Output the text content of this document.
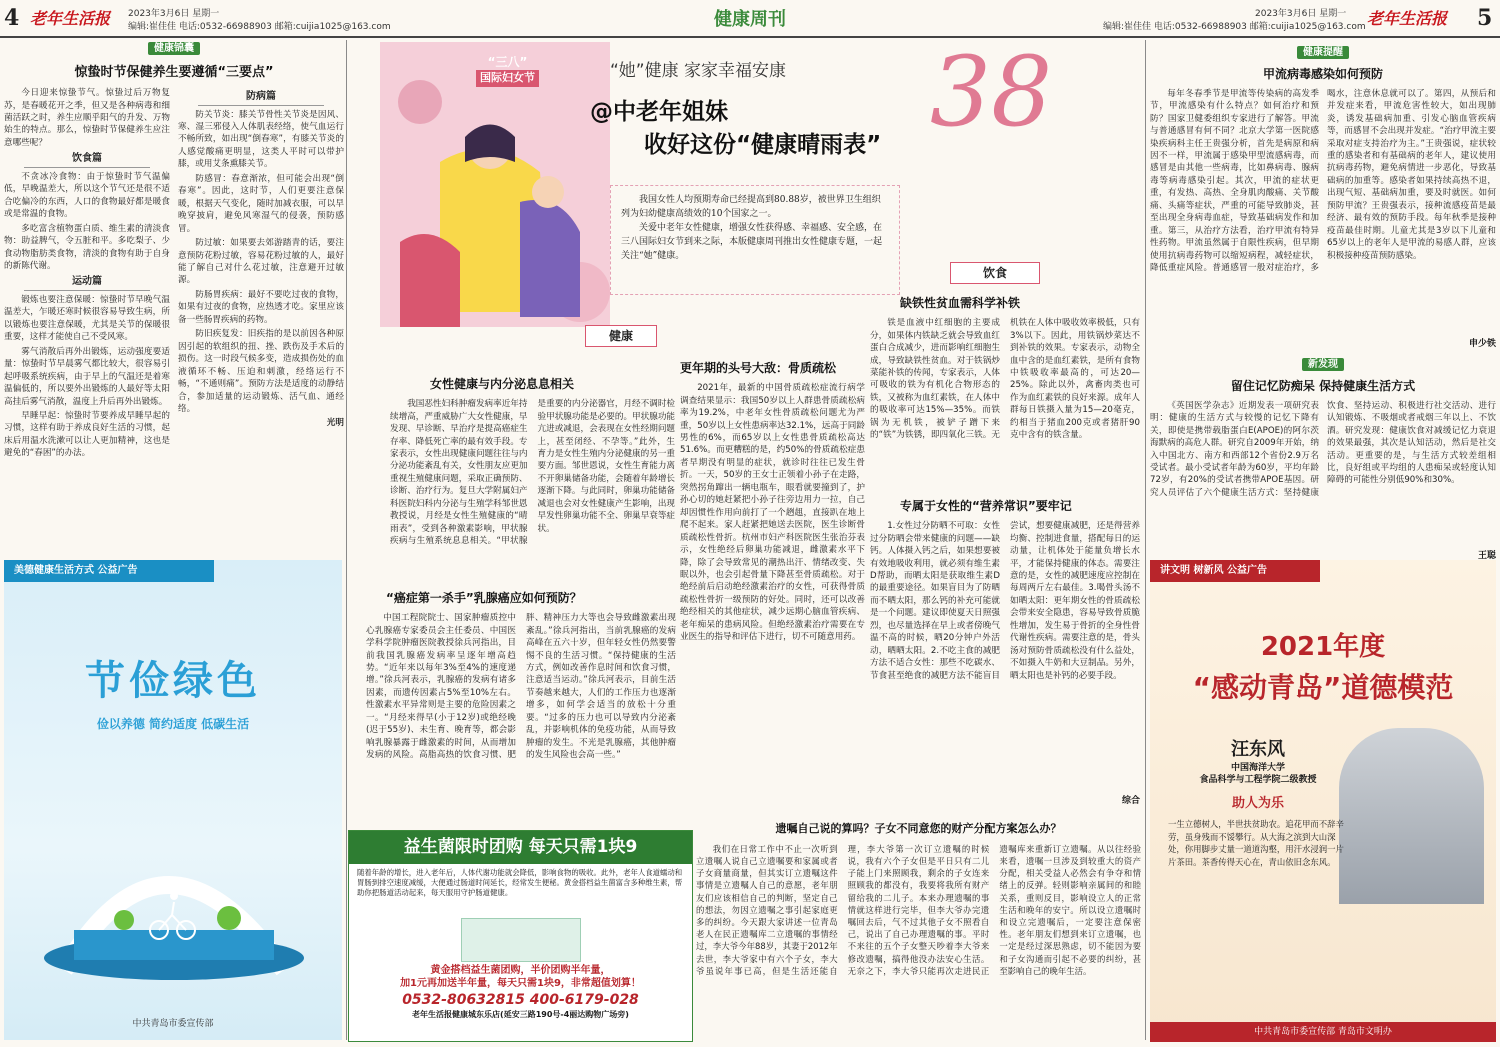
4 老年生活报 2023年3月6日 星期一
编辑:崔佳佳 电话:0532-66988903 邮箱:cuijia1025@163.com	健康周刊	2023年3月6日 星期一
编辑:崔佳佳 电话:0532-66988903 邮箱:cuijia1025@163.com 老年生活报 5
健康锦囊
惊蛰时节保健养生要遵循“三要点”

今日迎来惊蛰节气。惊蛰过后万物复苏，是春暖花开之季，但又是各种病毒和细菌活跃之时，养生应顺乎阳气的升发、万物始生的特点。那么，惊蛰时节保健养生应注意哪些呢？

饮食篇

不贪冰冷食物：由于惊蛰时节气温偏低，早晚温差大，所以这个节气还是很不适合吃偏冷的东西，人口的食物最好都是暖食或是常温的食物。

多吃富含植物蛋白质、维生素的清淡食物：助益脾气，令五脏和平。多吃梨子、少食动物脂肪类食物，清淡的食物有助于自身的新陈代谢。

运动篇

锻炼也要注意保暖：惊蛰时节早晚气温温差大，乍暖还寒时候很容易导致生病，所以锻炼也要注意保暖，尤其是关节的保暖很重要，这样才能使自己不受风寒。

雾气消散后再外出锻炼，运动强度要适量：惊蛰时节早晨雾气都比较大，很容易引起呼吸系统疾病，由于早上的气温还是着寒温偏低的，所以要外出锻炼的人最好等太阳高挂后雾气消散，温度上升后再外出锻炼。

早睡早起：惊蛰时节要养成早睡早起的习惯，这样有助于养成良好生活的习惯，起床后用温水洗漱可以让人更加精神，这也是避免的“春困”的办法。

防病篇

防关节炎：膝关节骨性关节炎是因风、寒、湿三邪侵入人体肌表经络，使气血运行不畅所致，如出现“倒春寒”，有膝关节炎的人感觉酸痛更明显，这类人平时可以带护膝，或用艾条熏膝关节。

防感冒：春意渐浓，但可能会出现“倒春寒”。因此，这时节，人们更要注意保暖，根据天气变化，随时加减衣服，可以早晚穿披肩，避免风寒湿气的侵袭，预防感冒。

防过敏：如果要去郊游踏青的话，要注意预防花粉过敏，容易花粉过敏的人，最好能了解自己对什么花过敏，注意避开过敏源。

防肠胃疾病：最好不要吃过夜的食物，如果有过夜的食物，应热透才吃。家里应该备一些肠胃疾病的药物。

防旧疾复发：旧疾指的是以前因各种原因引起的软组织的扭、挫、跌伤及手术后的损伤。这一时段气候多变，造成损伤处的血液循环不畅、压迫和刺激，经络运行不畅，“不通则痛”。预防方法是适度的动静结合，参加适量的运动锻炼、活气血、通经络。

光明
美德健康生活方式 公益广告
节俭绿色
俭以养德 简约适度 低碳生活
中共青岛市委宣传部
“三八”
国际妇女节	“她”健康 家家幸福安康
@中老年姐妹
收好这份“健康晴雨表” 38

我国女性人均预期寿命已经提高到80.88岁，被世界卫生组织列为妇幼健康高绩效的10个国家之一。

关爱中老年女性健康，增强女性获得感、幸福感、安全感，在三八国际妇女节到来之际，本版健康周刊推出女性健康专题，一起关注“她”健康。

健康
饮食
女性健康与内分泌息息相关

我国恶性妇科肿瘤发病率近年持续增高，严重威胁广大女性健康，早发现、早诊断、早治疗是提高癌症生存率、降低死亡率的最有效手段。专家表示，女性出现健康问题往往与内分泌功能紊乱有关，女性朋友应更加重视生殖健康问题，采取正确预防、诊断、治疗行为。复旦大学附属妇产科医院妇科内分泌与生殖学科邹世恩教授说，月经是女性生殖健康的“晴雨表”，受到各种激素影响，甲状腺疾病与生殖系统息息相关。“甲状腺是重要的内分泌器官，月经不调时检验甲状腺功能是必要的。甲状腺功能亢进或减退，会表现在女性经期问题上，甚至闭经、不孕等。”此外，生育力是女性生殖内分泌健康的另一重要方面。邹世恩说，女性生育能力离不开卵巢储备功能，会随着年龄增长逐渐下降。与此同时，卵巢功能储备减退也会对女性健康产生影响，出现早发性卵巢功能不全、卵巢早衰等症状。

更年期的头号大敌：骨质疏松

2021年，最新的中国骨质疏松症流行病学调查结果显示：我国50岁以上人群患骨质疏松病率为19.2%，中老年女性骨质疏松问题尤为严重，50岁以上女性患病率达32.1%，远高于同龄男性的6%，而65岁以上女性患骨质疏松高达51.6%。而更糟糕的是，约50%的骨质疏松症患者早期没有明显的症状，就诊时往往已发生骨折。一天，50岁的王女士正领着小孙子在走路，突然拐角蹿出一辆电瓶车，眼看就要撞到了，护孙心切的她赶紧把小孙子往旁边用力一拉，自己却因惯性作用向前打了一个趔趄，直接趴在地上爬不起来。家人赶紧把她送去医院，医生诊断骨质疏松性骨折。杭州市妇产科医院医生张治芬表示，女性绝经后卵巢功能减退，雌激素水平下降，除了会导致常见的潮热出汗、情绪改变、失眠以外，也会引起骨量下降甚至骨质疏松。对于绝经前后启动绝经激素治疗的女性，可获得骨质疏松性骨折一级预防的好处。同时，还可以改善绝经相关的其他症状，减少远期心脑血管疾病、老年痴呆的患病风险。但绝经激素治疗需要在专业医生的指导和评估下进行，切不可随意用药。

“癌症第一杀手”乳腺癌应如何预防？

中国工程院院士、国家肿瘤质控中心乳腺癌专家委员会主任委员、中国医学科学院肿瘤医院教授徐兵河指出，目前我国乳腺癌发病率呈逐年增高趋势。“近年来以每年3%至4%的速度递增。”徐兵河表示，乳腺癌的发病有诸多因素，而遗传因素占5%至10%左右。性激素水平异常则是主要的危险因素之一。“月经来得早(小于12岁)或绝经晚(迟于55岁)、未生育、晚育等，都会影响乳腺暴露于雌激素的时间，从而增加发病的风险。高脂高热的饮食习惯、肥胖、精神压力大等也会导致雌激素出现紊乱。”徐兵河指出，当前乳腺癌的发病高峰在五六十岁，但年轻女性仍然要警惕不良的生活习惯。“保持健康的生活方式，例如改善作息时间和饮食习惯，注意适当运动。”徐兵河表示，目前生活节奏越来越大，人们的工作压力也逐渐增多，如何学会适当的放松十分重要。“过多的压力也可以导致内分泌紊乱，并影响机体的免疫功能，从而导致肿瘤的发生。不光是乳腺癌，其他肿瘤的发生风险也会高一些。”

缺铁性贫血需科学补铁

铁是血液中红细胞的主要成分，如果体内铁缺乏就会导致血红蛋白合成减少，进而影响红细胞生成，导致缺铁性贫血。对于铁锅炒菜能补铁的传闻，专家表示，人体可吸收的铁为有机化合物形态的铁，又被称为血红素铁，在人体中的吸收率可达15%—35%。而铁锅为无机铁，被铲子蹭下来的“铁”为铁锈，即四氧化三铁。无机铁在人体中吸收效率极低，只有3%以下。因此，用铁锅炒菜达不到补铁的效果。专家表示，动物全血中含的是血红素铁，是所有食物中铁吸收率最高的，可达20—25%。除此以外，禽畜肉类也可作为血红素铁的良好来源。成年人群每日铁摄入量为15—20毫克，约相当于猪血200克或者猪肝90克中含有的铁含量。

专属于女性的“营养常识”要牢记

1.女性过分防晒不可取：女性过分防晒会带来健康的问题——缺钙。人体摄入钙之后，如果想要被有效地吸收利用，就必须有维生素D帮助，而晒太阳是获取维生素D的最重要途径。如果盲目为了防晒而不晒太阳，那么钙的补充可能就是一个问题。建议即使夏天日照强烈，也尽量选择在早上或者傍晚气温不高的时候，晒20分钟户外活动，晒晒太阳。2.不吃主食的减肥方法不适合女性：那些不吃碳水、节食甚至绝食的减肥方法不能盲目尝试，想要健康减肥，还是得营养均衡、控制进食量，搭配每日的运动量，让机体处于能量负增长水平，才能保持健康的体态。需要注意的是，女性的减肥速度应控制在每周两斤左右最佳。3.喝骨头汤不如晒太阳：更年期女性的骨质疏松会带来安全隐患，容易导致骨质脆性增加，发生易于骨折的全身性骨代谢性疾病。需要注意的是，骨头汤对预防骨质疏松没有什么益处，不如摄入牛奶和大豆制品。另外，晒太阳也是补钙的必要手段。

综合
益生菌限时团购 每天只需1块9
随着年龄的增长，进入老年后，人体代谢功能就会降低，影响食物的吸收。此外，老年人食道蠕动和胃肠到排空速度减缓，大便通过肠道时间延长，经常发生便秘。黄金搭档益生菌富含多种维生素，帮助你把肠道活动起来，每天服用守护肠道健康。
黄金搭档益生菌团购，半价团购半年量，
加1元再加送半年量，每天只需1块9，非常超值划算！
0532-80632815 400-6179-028
老年生活报健康城东乐店(延安三路190号-4丽达购物广场旁)
遗嘱自己说的算吗？子女不同意您的财产分配方案怎么办？

我们在日常工作中不止一次听到立遗嘱人说自己立遗嘱要和家属或者子女商量商量，但其实订立遗嘱这件事情是立遗嘱人自己的意愿，老年朋友们应该相信自己的判断，坚定自己的想法，勿因立遗嘱之事引起家庭更多的纠纷。今天跟大家讲述一位青岛老人在民正遗嘱库二立遗嘱的事情经过，李大爷今年88岁，其妻于2012年去世，李大爷家中有六个子女，李大爷虽说年事已高，但是生活还能自理，李大爷第一次订立遗嘱的时候说，我有六个子女但是平日只有二儿子能上门来照顾我，剩余的子女连来照顾我的都没有，我要将我所有财产留给我的二儿子。本来办理遗嘱的事情就这样进行完毕，但李大爷办完遗嘱回去后，气不过其他子女不照看自己，说出了自己办理遗嘱的事。平时不来往的五个子女整天吵着李大爷来修改遗嘱，搞得他没办法安心生活。无奈之下，李大爷只能再次走进民正遗嘱库来重新订立遗嘱。从以往经验来看，遗嘱一旦涉及到较重大的资产分配，相关受益人必然会有争夺和情绪上的反弹。轻则影响亲属间的和睦关系，重则反目，影响设立人的正常生活和晚年的安宁。所以设立遗嘱时和设立完遗嘱后，一定要注意保密性。老年朋友们想到来订立遗嘱，也一定是经过深思熟虑，切不能因为要和子女沟通而引起不必要的纠纷，甚至影响自己的晚年生活。

健康提醒
甲流病毒感染如何预防

每年冬春季节是甲流等传染病的高发季节，甲流感染有什么特点？如何治疗和预防？国家卫健委组织专家进行了解答。甲流与普通感冒有何不同？北京大学第一医院感染疾病科主任王贵强分析，首先是病原和病因不一样，甲流属于感染甲型流感病毒，而感冒是由其他一些病毒，比如鼻病毒、腺病毒等病毒感染引起。其次，甲流的症状更重，有发热、高热、全身肌肉酸痛、关节酸痛、头痛等症状，严重的可能导致肺炎，甚至出现全身病毒血症，导致基础病发作和加重。第三，从治疗方法看，治疗甲流有特异性药物。甲流虽然属于自限性疾病，但早期使用抗病毒药物可以缩短病程，减轻症状，降低重症风险。普通感冒一般对症治疗，多喝水，注意休息就可以了。第四，从预后和并发症来看，甲流危害性较大，如出现肺炎，诱发基础病加重、引发心脑血管疾病等，而感冒不会出现并发症。“治疗甲流主要采取对症支持治疗为主。”王贵强说，症状较重的感染者和有基础病的老年人，建议使用抗病毒药物，避免病情进一步恶化，导致基础病的加重等。感染者如果持续高热不退，出现气短、基础病加重，要及时就医。如何预防甲流？王贵强表示，接种流感疫苗是最经济、最有效的预防手段。每年秋季是接种疫苗最佳时期。儿童尤其是3岁以下儿童和65岁以上的老年人是甲流的易感人群，应该积极接种疫苗预防感染。

申少铁
新发现
留住记忆防痴呆 保持健康生活方式

《英国医学杂志》近期发表一项研究表明：健康的生活方式与较慢的记忆下降有关，即使是携带载脂蛋白E(APOE)的阿尔茨海默病的高危人群。研究自2009年开始，纳入中国北方、南方和西部12个省份2.9万名受试者。最小受试者年龄为60岁，平均年龄72岁，有20%的受试者携带APOE基因。研究人员评估了六个健康生活方式：坚持健康饮食、坚持运动、积极进行社交活动、进行认知锻炼、不吸烟或者戒烟三年以上、不饮酒。研究发现：健康饮食对减缓记忆力衰退的效果最强，其次是认知活动，然后是社交活动。更重要的是，与生活方式较差组相比，良好组或平均组的人患痴呆或轻度认知障碍的可能性分别低90%和30%。

王聪
讲文明 树新风 公益广告
2021年度
“感动青岛”道德模范
汪东风
中国海洋大学
食品科学与工程学院二级教授
助人为乐
一生立德树人，半世扶贫助农。追花甲而不辞辛劳，虽身残而不馁攀行。从大海之滨到大山深处，你用脚步丈量一道道沟壑，用汗水浸润一片片茶田。茶香传得天心在，青山依旧念东风。
中共青岛市委宣传部 青岛市文明办
